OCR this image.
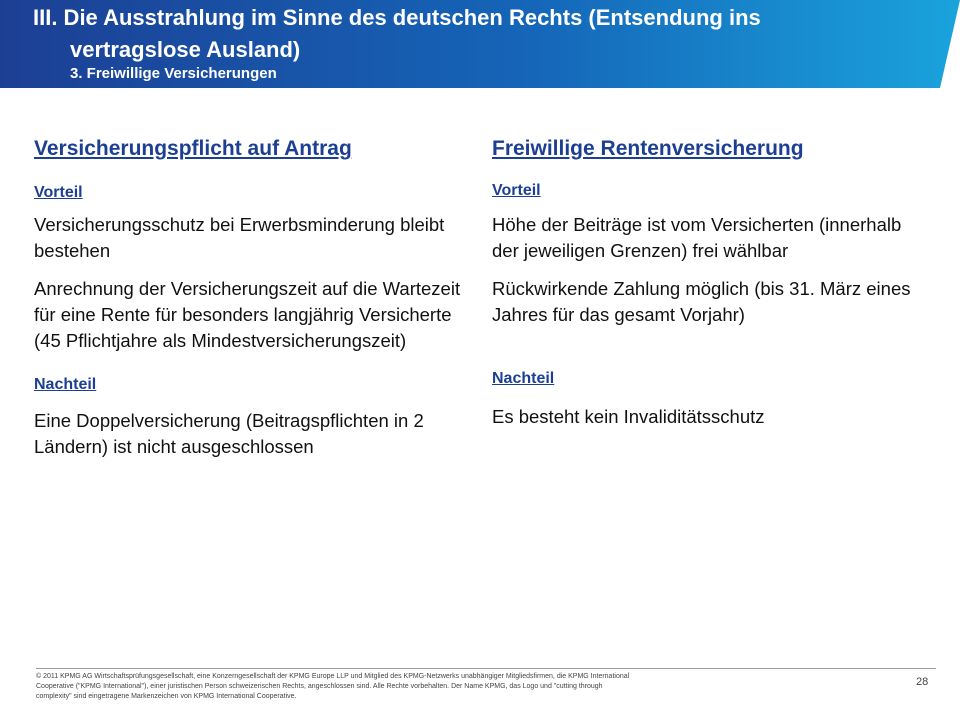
III. Die Ausstrahlung im Sinne des deutschen Rechts (Entsendung ins
vertragslose Ausland)
3. Freiwillige Versicherungen

Versicherungspflicht auf Antrag

Vorteil

Versicherungsschutz bei Erwerbsminderung bleibt bestehen

Anrechnung der Versicherungszeit auf die Wartezeit für eine Rente für besonders langjährig Versicherte (45 Pflichtjahre als Mindestversicherungszeit)

Nachteil

Eine Doppelversicherung (Beitragspflichten in 2 Ländern) ist nicht ausgeschlossen

Freiwillige Rentenversicherung

Vorteil

Höhe der Beiträge ist vom Versicherten (innerhalb der jeweiligen Grenzen) frei wählbar

Rückwirkende Zahlung möglich (bis 31. März eines Jahres für das gesamt Vorjahr)

Nachteil

Es besteht kein Invaliditätsschutz

© 2011 KPMG AG Wirtschaftsprüfungsgesellschaft, eine Konzerngesellschaft der KPMG Europe LLP und Mitglied des KPMG-Netzwerks unabhängiger Mitgliedsfirmen, die KPMG International Cooperative ("KPMG International"), einer juristischen Person schweizerischen Rechts, angeschlossen sind. Alle Rechte vorbehalten. Der Name KPMG, das Logo und "cutting through complexity" sind eingetragene Markenzeichen von KPMG International Cooperative.
28
